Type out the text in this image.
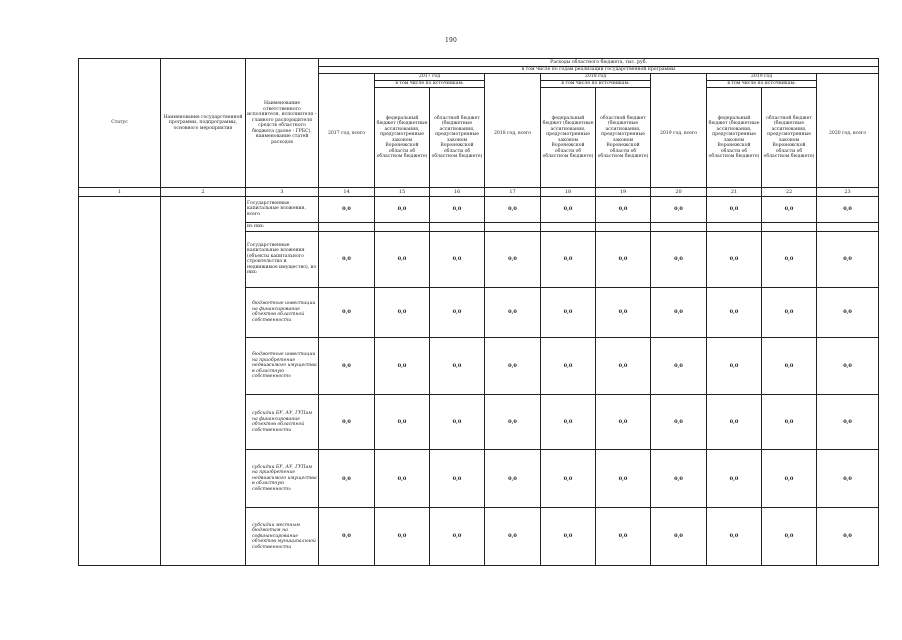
190
Статус	Наименование государственной программы, подпрограммы, основного мероприятия	Наименование ответственного исполнителя, исполнителя – главного распорядителя средств областного бюджета (далее - ГРБС), наименование статей расходов	Расходы областного бюджета, тыс. руб.									
			в том числе по годам реализации государственной программы									
				2017 год			2018 год			2019 год		
			2017 год, всего	в том числе по источникам:		2018 год, всего	в том числе по источникам:		2019 год, всего	в том числе по источникам:		2020 год, всего
				федеральный бюджет (бюджетные ассигнования, предусмотренные законом Воронежской области об областном бюджете)	областной бюджет (бюджетные ассигнования, предусмотренные законом Воронежской области об областном бюджете)		федеральный бюджет (бюджетные ассигнования, предусмотренные законом Воронежской области об областном бюджете)	областной бюджет (бюджетные ассигнования, предусмотренные законом Воронежской области об областном бюджете)		федеральный бюджет (бюджетные ассигнования, предусмотренные законом Воронежской области об областном бюджете)	областной бюджет (бюджетные ассигнования, предусмотренные законом Воронежской области об областном бюджете)	
1	2	3	14	15	16	17	18	19	20	21	22	23
		Государственные капитальные вложения, всего	0,0	0,0	0,0	0,0	0,0	0,0	0,0	0,0	0,0	0,0
		из них:										
		Государственные капитальные вложения (объекты капитального строительства и недвижимое имущество), из них:	0,0	0,0	0,0	0,0	0,0	0,0	0,0	0,0	0,0	0,0
		бюджетные инвестиции на финансирование объектов областной собственности	0,0	0,0	0,0	0,0	0,0	0,0	0,0	0,0	0,0	0,0
		бюджетные инвестиции на приобретение недвижимого имущества в областную собственность	0,0	0,0	0,0	0,0	0,0	0,0	0,0	0,0	0,0	0,0
		субсидии БУ, АУ, ГУПам на финансирование объектов областной собственности	0,0	0,0	0,0	0,0	0,0	0,0	0,0	0,0	0,0	0,0
		субсидии БУ, АУ, ГУПам на приобретение недвижимого имущества в областную собственность	0,0	0,0	0,0	0,0	0,0	0,0	0,0	0,0	0,0	0,0
		субсидии местным бюджетам на софинансирование объектов муниципальной собственности	0,0	0,0	0,0	0,0	0,0	0,0	0,0	0,0	0,0	0,0
